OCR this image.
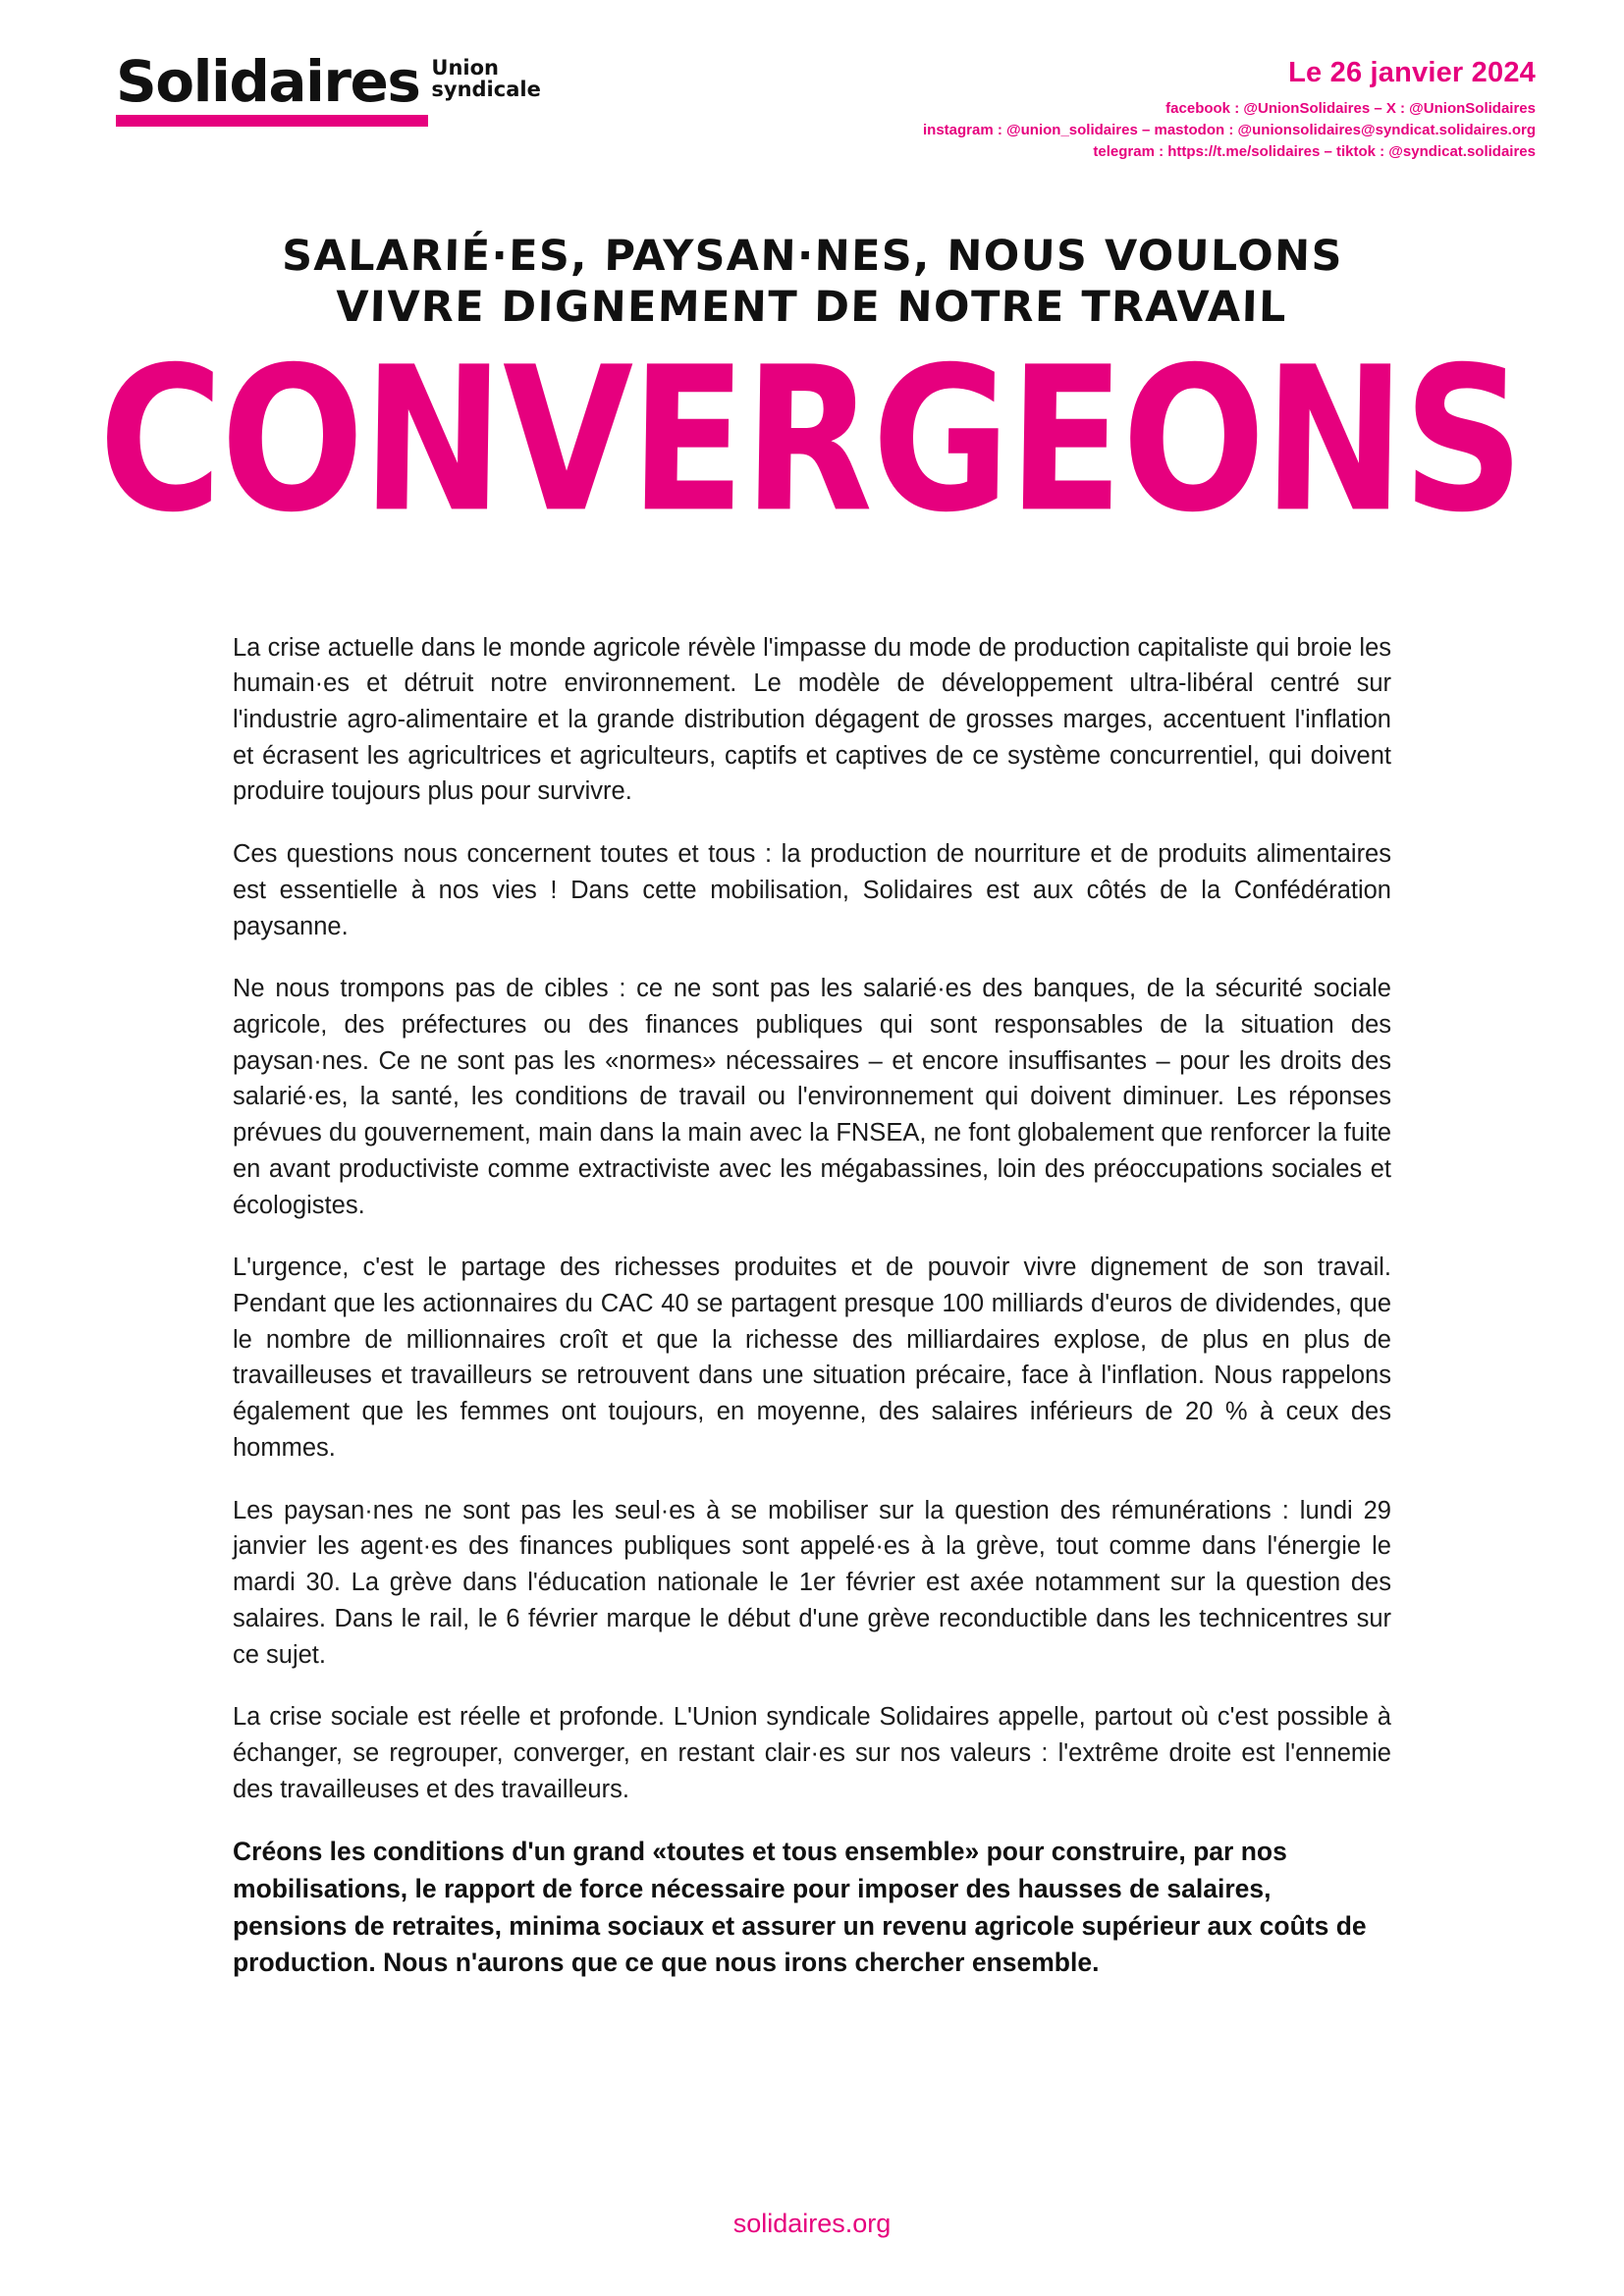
Solidaires Union
syndicale
Le 26 janvier 2024
facebook : @UnionSolidaires – X : @UnionSolidaires
instagram : @union_solidaires – mastodon : @unionsolidaires@syndicat.solidaires.org
telegram : https://t.me/solidaires – tiktok : @syndicat.solidaires
SALARIÉ·ES, PAYSAN·NES, NOUS VOULONS
VIVRE DIGNEMENT DE NOTRE TRAVAIL
CONVERGEONS

La crise actuelle dans le monde agricole révèle l'impasse du mode de production capitaliste qui broie les humain·es et détruit notre environnement. Le modèle de développement ultra-libéral centré sur l'industrie agro-alimentaire et la grande distribution dégagent de grosses marges, accentuent l'inflation et écrasent les agricultrices et agriculteurs, captifs et captives de ce système concurrentiel, qui doivent produire toujours plus pour survivre.

Ces questions nous concernent toutes et tous : la production de nourriture et de produits alimentaires est essentielle à nos vies ! Dans cette mobilisation, Solidaires est aux côtés de la Confédération paysanne.

Ne nous trompons pas de cibles : ce ne sont pas les salarié·es des banques, de la sécurité sociale agricole, des préfectures ou des finances publiques qui sont responsables de la situation des paysan·nes. Ce ne sont pas les «normes» nécessaires – et encore insuffisantes – pour les droits des salarié·es, la santé, les conditions de travail ou l'environnement qui doivent diminuer. Les réponses prévues du gouvernement, main dans la main avec la FNSEA, ne font globalement que renforcer la fuite en avant productiviste comme extractiviste avec les mégabassines, loin des préoccupations sociales et écologistes.

L'urgence, c'est le partage des richesses produites et de pouvoir vivre dignement de son travail. Pendant que les actionnaires du CAC 40 se partagent presque 100 milliards d'euros de dividendes, que le nombre de millionnaires croît et que la richesse des milliardaires explose, de plus en plus de travailleuses et travailleurs se retrouvent dans une situation précaire, face à l'inflation. Nous rappelons également que les femmes ont toujours, en moyenne, des salaires inférieurs de 20 % à ceux des hommes.

Les paysan·nes ne sont pas les seul·es à se mobiliser sur la question des rémunérations : lundi 29 janvier les agent·es des finances publiques sont appelé·es à la grève, tout comme dans l'énergie le mardi 30. La grève dans l'éducation nationale le 1er février est axée notamment sur la question des salaires. Dans le rail, le 6 février marque le début d'une grève reconductible dans les technicentres sur ce sujet.

La crise sociale est réelle et profonde. L'Union syndicale Solidaires appelle, partout où c'est possible à échanger, se regrouper, converger, en restant clair·es sur nos valeurs : l'extrême droite est l'ennemie des travailleuses et des travailleurs.

Créons les conditions d'un grand «toutes et tous ensemble» pour construire, par nos mobilisations, le rapport de force nécessaire pour imposer des hausses de salaires, pensions de retraites, minima sociaux et assurer un revenu agricole supérieur aux coûts de production. Nous n'aurons que ce que nous irons chercher ensemble.

solidaires.org
